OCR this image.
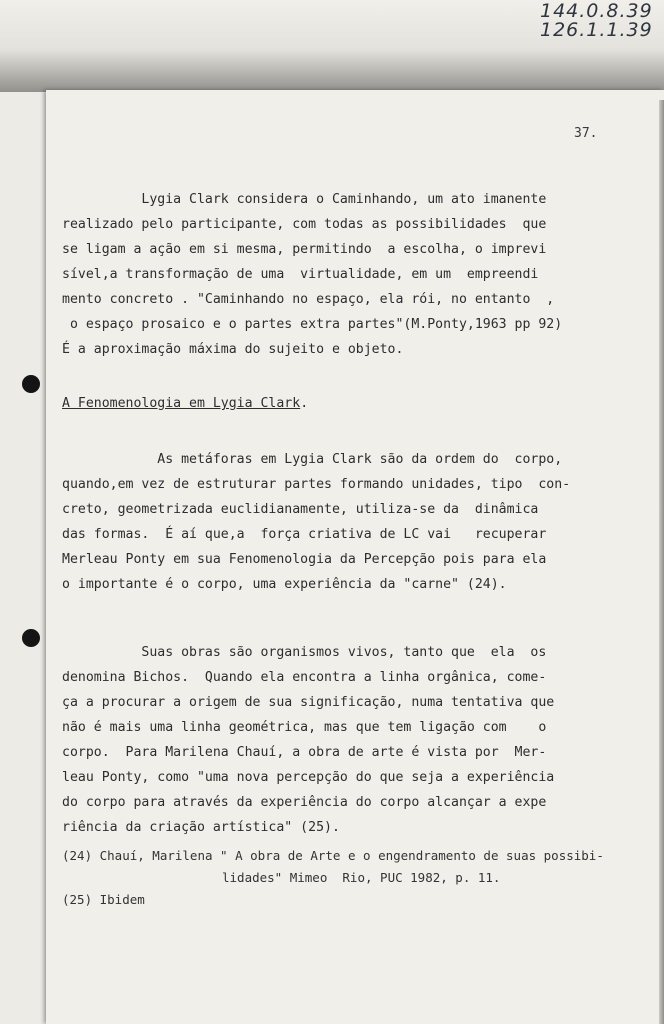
144.0.8.39
126.1.1.39
37.
Lygia Clark considera o Caminhando, um ato imanente
realizado pelo participante, com todas as possibilidades  que
se ligam a ação em si mesma, permitindo  a escolha, o imprevi
sível,a transformação de uma  virtualidade, em um  empreendi
mento concreto . "Caminhando no espaço, ela rói, no entanto  ,
o espaço prosaico e o partes extra partes"(M.Ponty,1963 pp 92)
É a aproximação máxima do sujeito e objeto.
A Fenomenologia em Lygia Clark.
As metáforas em Lygia Clark são da ordem do  corpo,
quando,em vez de estruturar partes formando unidades, tipo  con-
creto, geometrizada euclidianamente, utiliza-se da  dinâmica
das formas.  É aí que,a  força criativa de LC vai   recuperar
Merleau Ponty em sua Fenomenologia da Percepção pois para ela
o importante é o corpo, uma experiência da "carne" (24).
Suas obras são organismos vivos, tanto que  ela  os
denomina Bichos.  Quando ela encontra a linha orgânica, come-
ça a procurar a origem de sua significação, numa tentativa que
não é mais uma linha geométrica, mas que tem ligação com    o
corpo.  Para Marilena Chauí, a obra de arte é vista por  Mer-
leau Ponty, como "uma nova percepção do que seja a experiência
do corpo para através da experiência do corpo alcançar a expe
riência da criação artística" (25).
(24) Chauí, Marilena " A obra de Arte e o engendramento de suas possibi-
lidades" Mimeo  Rio, PUC 1982, p. 11.
(25) Ibidem
